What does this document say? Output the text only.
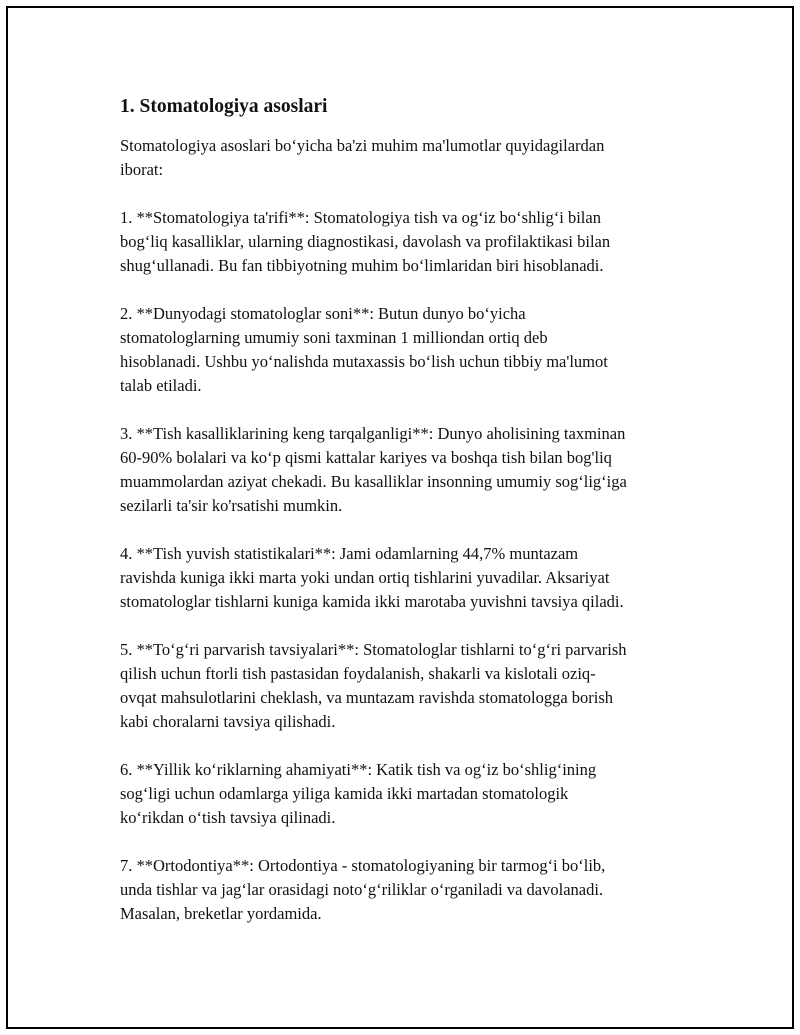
1. Stomatologiya asoslari
Stomatologiya asoslari bo‘yicha ba'zi muhim ma'lumotlar quyidagilardan
iborat:
1. **Stomatologiya ta'rifi**: Stomatologiya tish va og‘iz bo‘shlig‘i bilan
bog‘liq kasalliklar, ularning diagnostikasi, davolash va profilaktikasi bilan
shug‘ullanadi. Bu fan tibbiyotning muhim bo‘limlaridan biri hisoblanadi.
2. **Dunyodagi stomatologlar soni**: Butun dunyo bo‘yicha
stomatologlarning umumiy soni taxminan 1 milliondan ortiq deb
hisoblanadi. Ushbu yo‘nalishda mutaxassis bo‘lish uchun tibbiy ma'lumot
talab etiladi.
3. **Tish kasalliklarining keng tarqalganligi**: Dunyo aholisining taxminan
60-90% bolalari va ko‘p qismi kattalar kariyes va boshqa tish bilan bog'liq
muammolardan aziyat chekadi. Bu kasalliklar insonning umumiy sog‘lig‘iga
sezilarli ta'sir ko'rsatishi mumkin.
4. **Tish yuvish statistikalari**: Jami odamlarning 44,7% muntazam
ravishda kuniga ikki marta yoki undan ortiq tishlarini yuvadilar. Aksariyat
stomatologlar tishlarni kuniga kamida ikki marotaba yuvishni tavsiya qiladi.
5. **To‘g‘ri parvarish tavsiyalari**: Stomatologlar tishlarni to‘g‘ri parvarish
qilish uchun ftorli tish pastasidan foydalanish, shakarli va kislotali oziq-
ovqat mahsulotlarini cheklash, va muntazam ravishda stomatologga borish
kabi choralarni tavsiya qilishadi.
6. **Yillik ko‘riklarning ahamiyati**: Katik tish va og‘iz bo‘shlig‘ining
sog‘ligi uchun odamlarga yiliga kamida ikki martadan stomatologik
ko‘rikdan o‘tish tavsiya qilinadi.
7. **Ortodontiya**: Ortodontiya - stomatologiyaning bir tarmog‘i bo‘lib,
unda tishlar va jag‘lar orasidagi noto‘g‘riliklar o‘rganiladi va davolanadi.
Masalan, breketlar yordamida.
